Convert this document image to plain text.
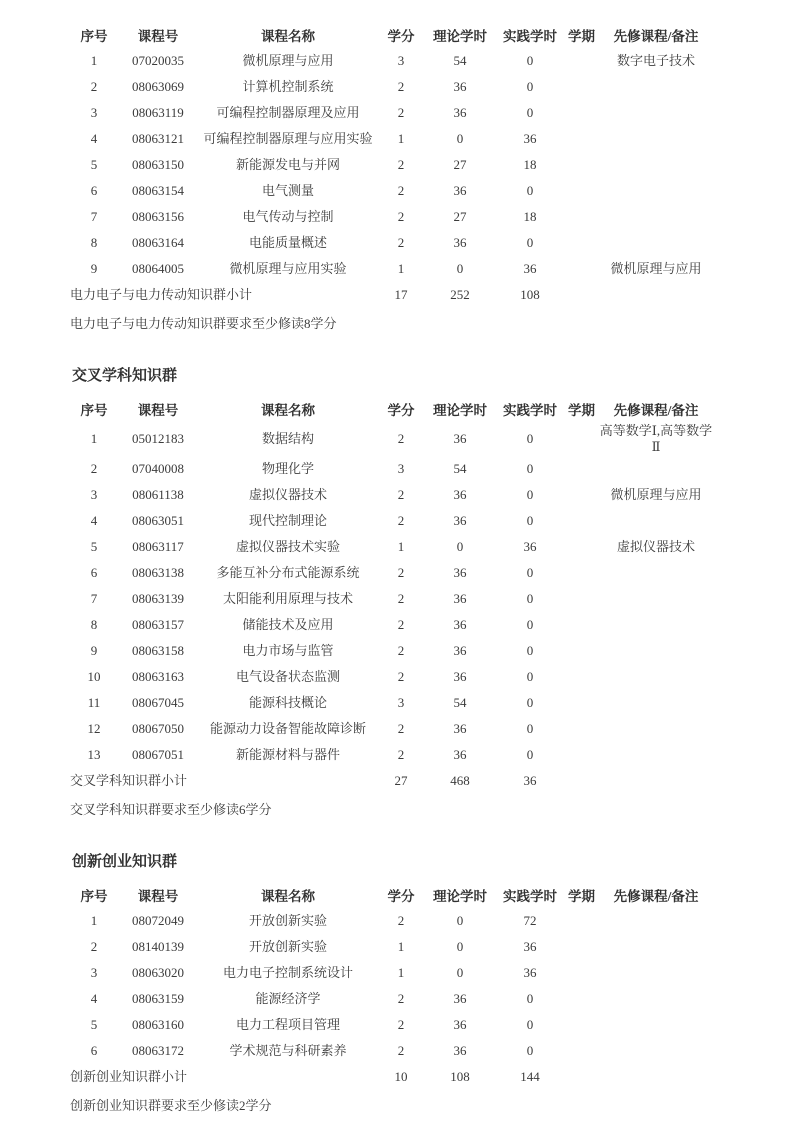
序号	课程号	课程名称	学分	理论学时	实践学时	学期	先修课程/备注
1	07020035	微机原理与应用	3	54	0		数字电子技术
2	08063069	计算机控制系统	2	36	0		
3	08063119	可编程控制器原理及应用	2	36	0		
4	08063121	可编程控制器原理与应用实验	1	0	36		
5	08063150	新能源发电与并网	2	27	18		
6	08063154	电气测量	2	36	0		
7	08063156	电气传动与控制	2	27	18		
8	08063164	电能质量概述	2	36	0		
9	08064005	微机原理与应用实验	1	0	36		微机原理与应用
电力电子与电力传动知识群小计			17	252	108		
电力电子与电力传动知识群要求至少修读8学分
交叉学科知识群
序号	课程号	课程名称	学分	理论学时	实践学时	学期	先修课程/备注
1	05012183	数据结构	2	36	0		高等数学Ⅰ,高等数学Ⅱ
2	07040008	物理化学	3	54	0		
3	08061138	虚拟仪器技术	2	36	0		微机原理与应用
4	08063051	现代控制理论	2	36	0		
5	08063117	虚拟仪器技术实验	1	0	36		虚拟仪器技术
6	08063138	多能互补分布式能源系统	2	36	0		
7	08063139	太阳能利用原理与技术	2	36	0		
8	08063157	储能技术及应用	2	36	0		
9	08063158	电力市场与监管	2	36	0		
10	08063163	电气设备状态监测	2	36	0		
11	08067045	能源科技概论	3	54	0		
12	08067050	能源动力设备智能故障诊断	2	36	0		
13	08067051	新能源材料与器件	2	36	0		
交叉学科知识群小计			27	468	36		
交叉学科知识群要求至少修读6学分
创新创业知识群
序号	课程号	课程名称	学分	理论学时	实践学时	学期	先修课程/备注
1	08072049	开放创新实验	2	0	72		
2	08140139	开放创新实验	1	0	36		
3	08063020	电力电子控制系统设计	1	0	36		
4	08063159	能源经济学	2	36	0		
5	08063160	电力工程项目管理	2	36	0		
6	08063172	学术规范与科研素养	2	36	0		
创新创业知识群小计			10	108	144		
创新创业知识群要求至少修读2学分
